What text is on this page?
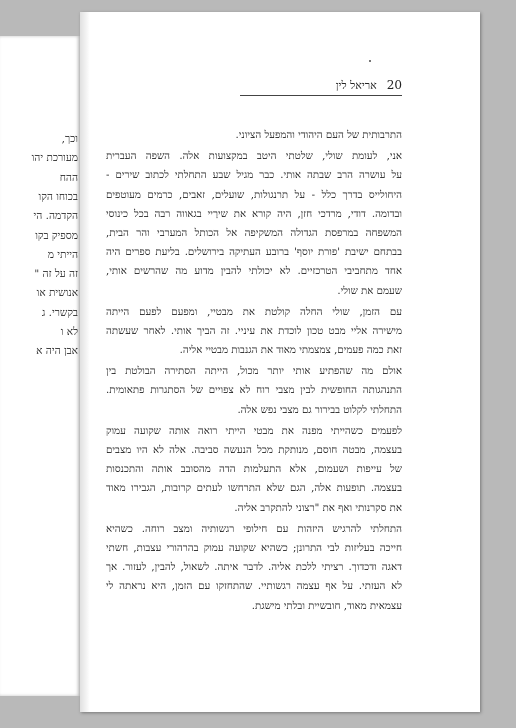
וכך,
מעורכת יהו
ההח
בכוחו הקו
הקדמה. הי
מספיק בקו
הייתי מ
זה על זה "
אנושית או
בקשרי. ג
לא ו
אבן היה א
20
אריאל לין
התרבותית של העם היהודי והמפעל הציוני.
אני, לעומת שולי, שלטתי היטב במקצועות אלה. השפה העברית
על עושרה הרב שבתה אותי. כבר מגיל שבע התחלתי לכתוב שירים -
היחולייס בדרך כלל - על תרנגולות, שועלים, זאבים, כרמים מעוטפים
ובדומה. דודי, מרדכי חזן, היה קורא את שירַיי בגאווה רבה בכל כינוסי
המשפחה במרפסת הגדולה המשקיפה אל הכותל המערבי והר הבית,
בבתחם ישיבת 'פורת יוסף' ברובע העתיקה בירושלים. בליעת ספרים היה
אחד מתחביבי הטרכזיים. לא יכולתי להבין מדוע מה שהרשים אותי,
שעמם את שולי.
עם הזמן, שולי החלה קולטת את מבטיי, ומפעם לפעם הייתה
מישירה אליי מבט טכון לוכדת את עיניי. זה הביך אותי. לאחר שעשתה
זאת כמה פעמים, צמצמתי מאוד את הגנבות מבטיי אליה.
אולם מה שהפתיע אותי יותר מכול, הייתה הסתירה הבולטת בין
התנהגותה החופשית לבין מצבי רוח לא צפויים של הסתגרות פתאומית.
התחלתי לקלוט בבירור גם מצבי נפש אלה.
לפעמים כשהייתי מפנה את מבטי הייתי רואה אותה שקועה עמוק
בעצמה, מבטה חוסם, מנותקת מכל הנעשה סביבה. אלה לא היו מצבים
של עייפות ושעמום, אלא התעלמות הדה מהסובב אותה והתכנסות
בעצמה. תופעות אלה, הגם שלא התרחשו לעתים קרובות, הגבירו מאוד
את סקרנותי ואף את "רצוני להתקרב אליה.
התחלתי להרגיש היזהות עם חילופי רגשותיה ומצב רוחה. כשהיא
חייכה בעליזות לבי התרונן; כשהיא שקועה עמוק בהרהורי עצבות, חשתי
דאגה ודכדוך. רציתי ללכת אליה. לדבר איתה. לשאול, להבין, לעזור. אך
לא העזתי. על אף עצמה רגשותיי. שהתחזקו עם הזמן, היא נראתה לי
עצמאית מאוד, חובשיית ובלתי מישגת.
